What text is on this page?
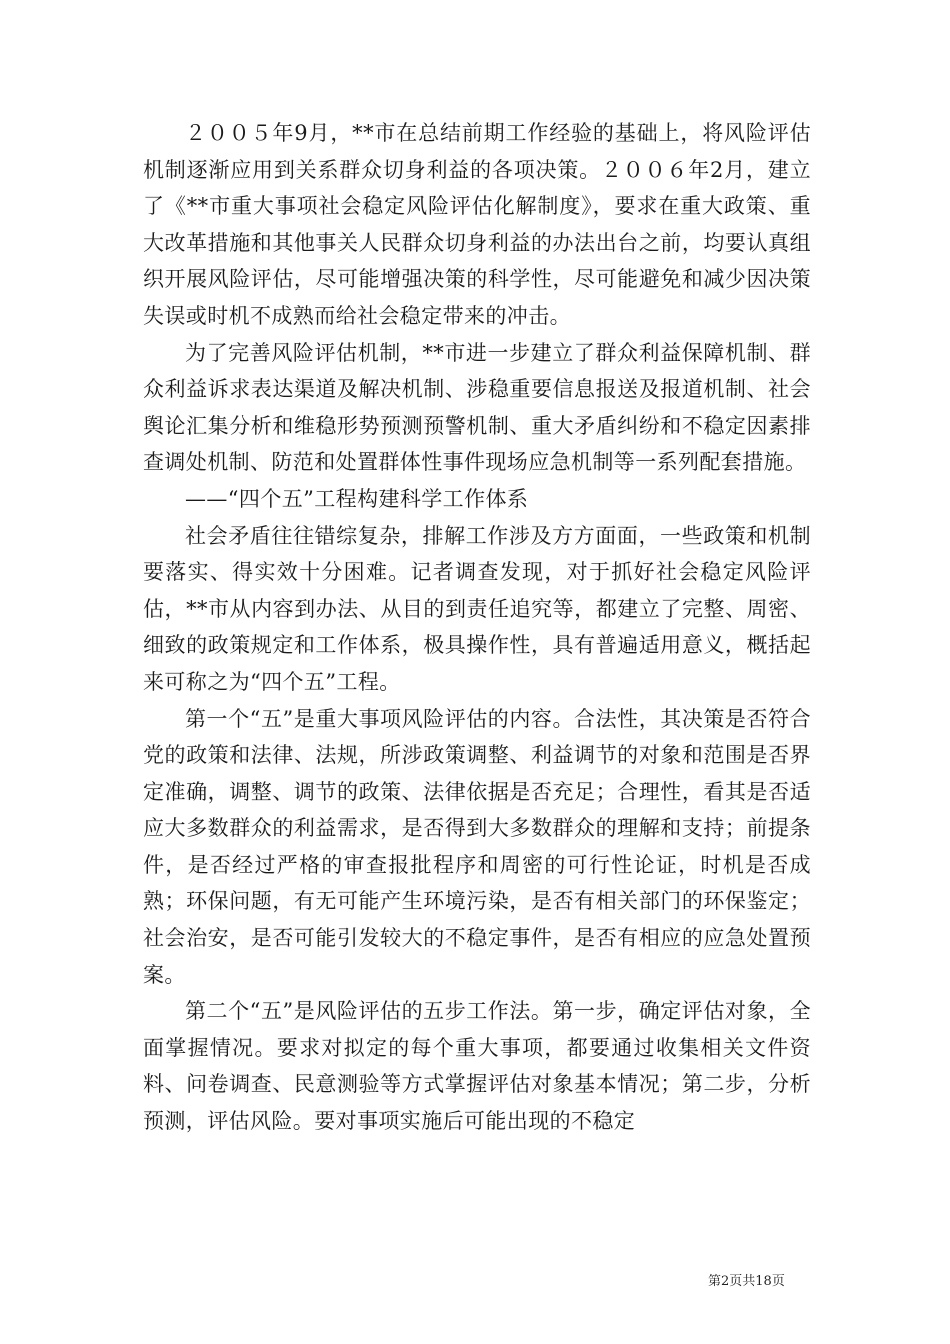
２００５年9月，**市在总结前期工作经验的基础上，将风险评估机制逐渐应用到关系群众切身利益的各项决策。２００６年2月，建立了《**市重大事项社会稳定风险评估化解制度》，要求在重大政策、重大改革措施和其他事关人民群众切身利益的办法出台之前，均要认真组织开展风险评估，尽可能增强决策的科学性，尽可能避免和减少因决策失误或时机不成熟而给社会稳定带来的冲击。

为了完善风险评估机制，**市进一步建立了群众利益保障机制、群众利益诉求表达渠道及解决机制、涉稳重要信息报送及报道机制、社会舆论汇集分析和维稳形势预测预警机制、重大矛盾纠纷和不稳定因素排查调处机制、防范和处置群体性事件现场应急机制等一系列配套措施。

——“四个五”工程构建科学工作体系

社会矛盾往往错综复杂，排解工作涉及方方面面，一些政策和机制要落实、得实效十分困难。记者调查发现，对于抓好社会稳定风险评估，**市从内容到办法、从目的到责任追究等，都建立了完整、周密、细致的政策规定和工作体系，极具操作性，具有普遍适用意义，概括起来可称之为“四个五”工程。

第一个“五”是重大事项风险评估的内容。合法性，其决策是否符合党的政策和法律、法规，所涉政策调整、利益调节的对象和范围是否界定准确，调整、调节的政策、法律依据是否充足；合理性，看其是否适应大多数群众的利益需求，是否得到大多数群众的理解和支持；前提条件，是否经过严格的审查报批程序和周密的可行性论证，时机是否成熟；环保问题，有无可能产生环境污染，是否有相关部门的环保鉴定；社会治安，是否可能引发较大的不稳定事件，是否有相应的应急处置预案。

第二个“五”是风险评估的五步工作法。第一步，确定评估对象，全面掌握情况。要求对拟定的每个重大事项，都要通过收集相关文件资料、问卷调查、民意测验等方式掌握评估对象基本情况；第二步，分析预测，评估风险。要对事项实施后可能出现的不稳定

第2页共18页
